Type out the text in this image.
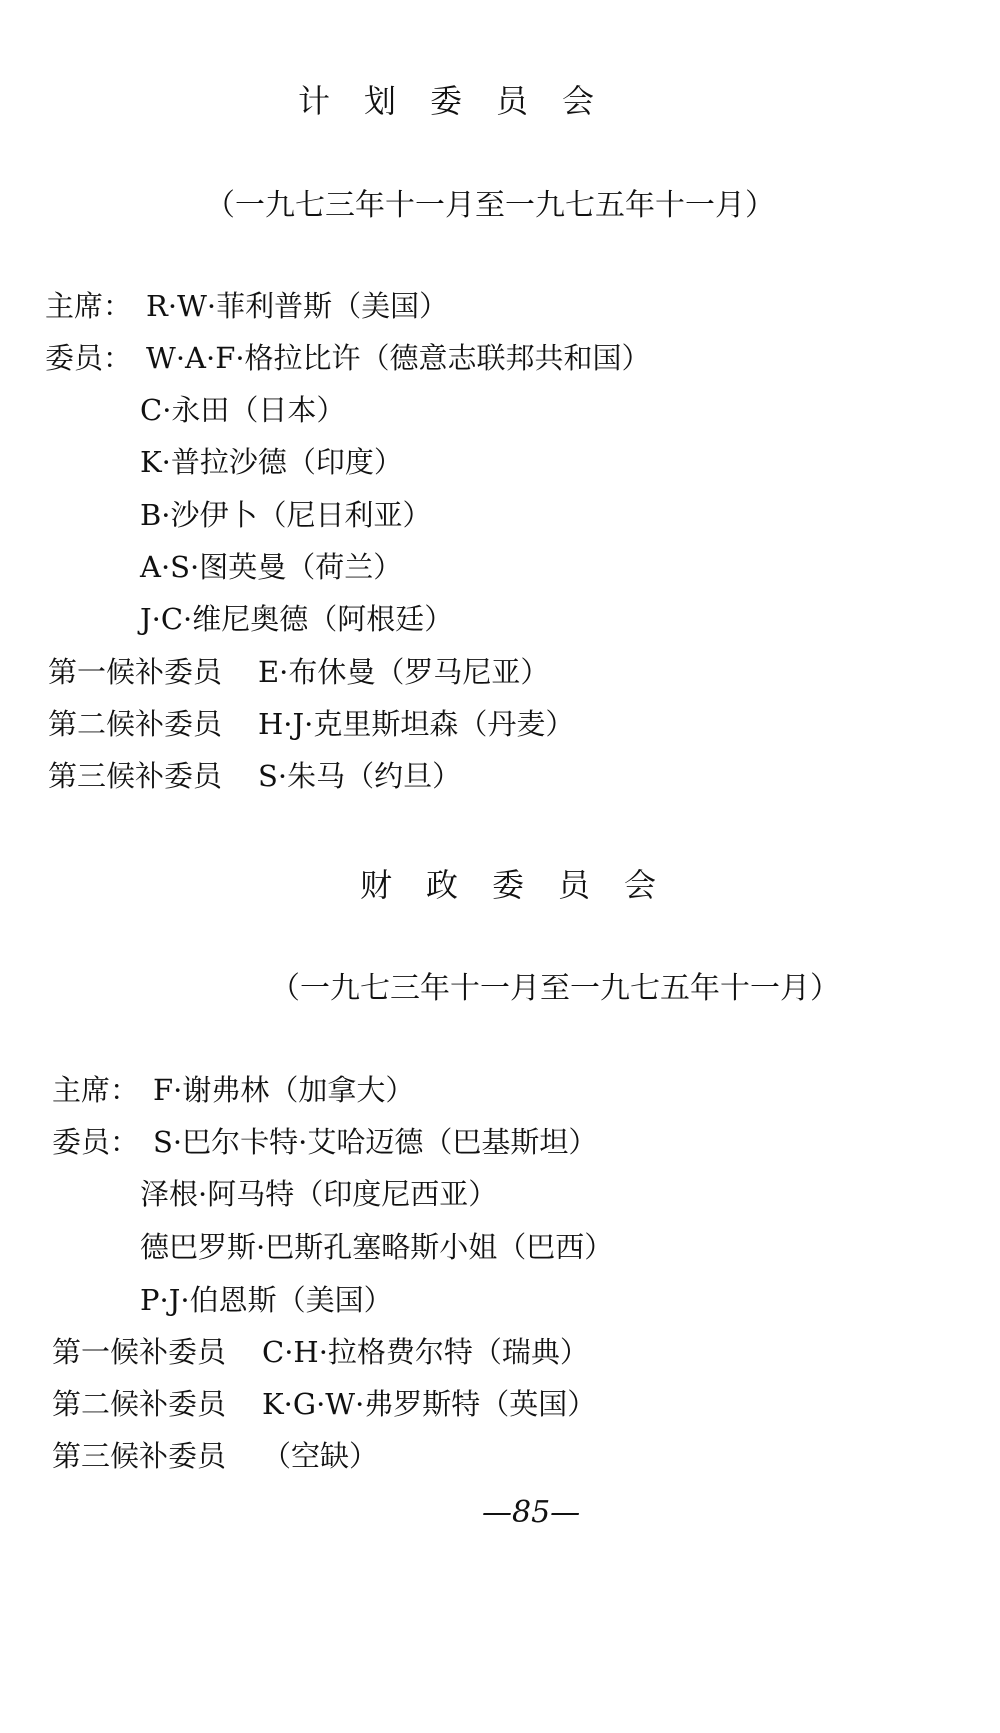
计划委员会
（一九七三年十一月至一九七五年十一月）
主席： R·W·菲利普斯（美国）
委员： W·A·F·格拉比许（德意志联邦共和国）
C·永田（日本）
K·普拉沙德（印度）
B·沙伊卜（尼日利亚）
A·S·图英曼（荷兰）
J·C·维尼奥德（阿根廷）
第一候补委员 E·布休曼（罗马尼亚）
第二候补委员 H·J·克里斯坦森（丹麦）
第三候补委员 S·朱马（约旦）
财政委员会
（一九七三年十一月至一九七五年十一月）
主席： F·谢弗林（加拿大）
委员： S·巴尔卡特·艾哈迈德（巴基斯坦）
泽根·阿马特（印度尼西亚）
德巴罗斯·巴斯孔塞略斯小姐（巴西）
P·J·伯恩斯（美国）
第一候补委员 C·H·拉格费尔特（瑞典）
第二候补委员 K·G·W·弗罗斯特（英国）
第三候补委员 （空缺）
—85—
